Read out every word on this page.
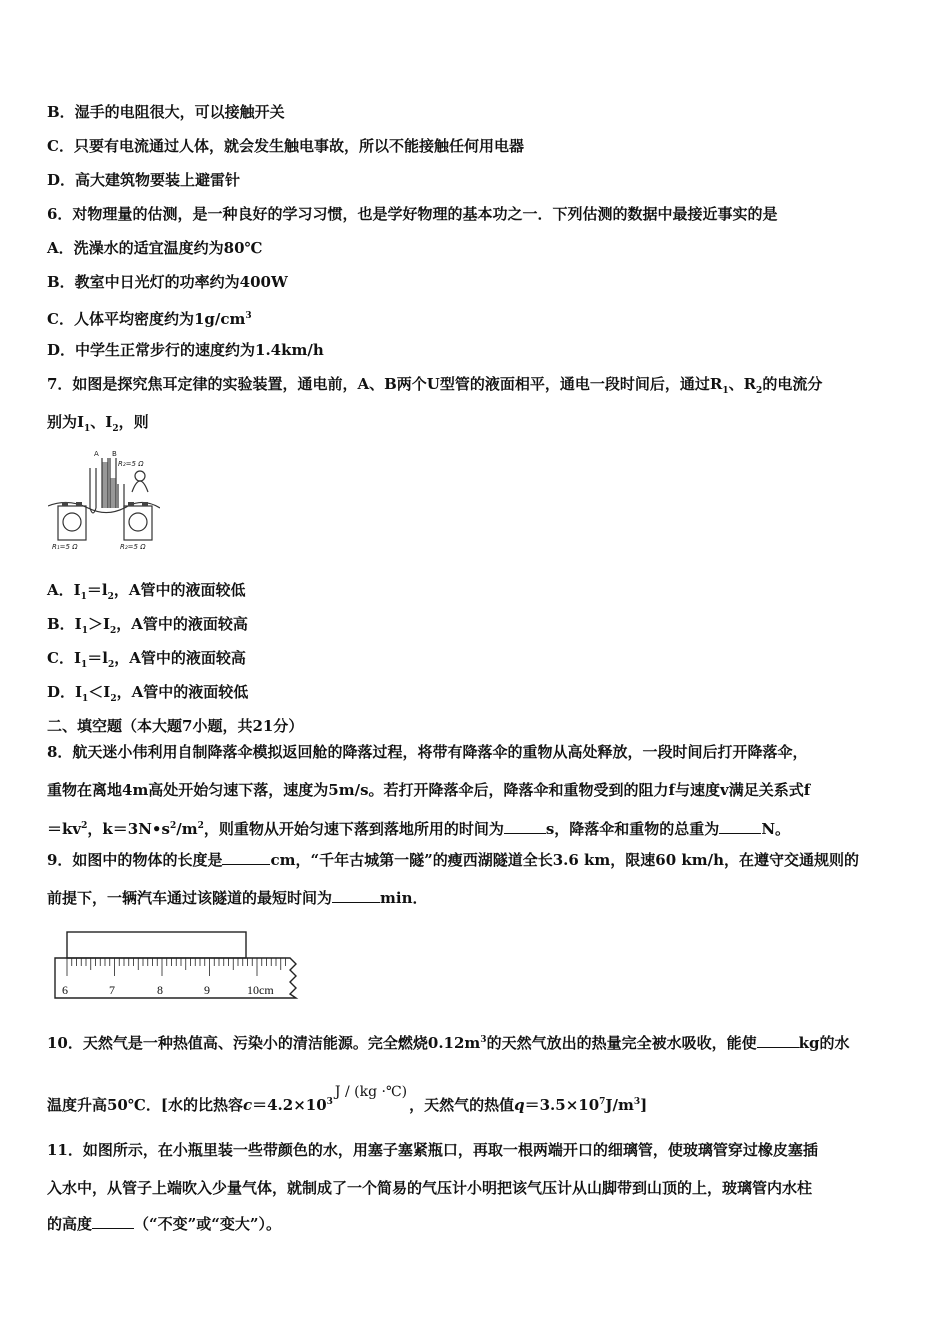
B．湿手的电阻很大，可以接触开关
C．只要有电流通过人体，就会发生触电事故，所以不能接触任何用电器
D．高大建筑物要装上避雷针
6．对物理量的估测，是一种良好的学习习惯，也是学好物理的基本功之一．下列估测的数据中最接近事实的是
A．洗澡水的适宜温度约为80℃
B．教室中日光灯的功率约为400W
C．人体平均密度约为$1g/cm^3$
D．中学生正常步行的速度约为1.4km/h
7．如图是探究焦耳定律的实验装置，通电前，A、B两个U型管的液面相平，通电一段时间后，通过$R_1$、$R_2$的电流分
别为$I_1$、$I_2$，则
A B
R₂=5 Ω
R₁=5 Ω	R₂=5 Ω
A．$I_1=l_2$，A管中的液面较低
B．$I_1>I_2$，A管中的液面较高
C．$I_1=l_2$，A管中的液面较高
D．$I_1<I_2$，A管中的液面较低
二、填空题（本大题7小题，共21分）
8．航天迷小伟利用自制降落伞模拟返回舱的降落过程，将带有降落伞的重物从高处释放，一段时间后打开降落伞，
重物在离地4m高处开始匀速下落，速度为5m/s。若打开降落伞后，降落伞和重物受到的阻力f与速度v满足关系式f
$=kv^2$，$k=3N•s^2/m^2$，则重物从开始匀速下落到落地所用的时间为	s，降落伞和重物的总重为	N。
9．如图中的物体的长度是	cm，“千年古城第一隧”的瘦西湖隧道全长3.6 km，限速60 km/h，在遵守交通规则的
前提下，一辆汽车通过该隧道的最短时间为	min．
6	7	8	9	10cm
10．天然气是一种热值高、污染小的清洁能源。完全燃烧$0.12m^3$的天然气放出的热量完全被水吸收，能使	kg的水
温度升高50℃．[水的比热容$c=4.2\times 10^3J / (kg$ ·℃)，天然气的热值$q=3.5\times 10^7J/m^3$]
11．如图所示，在小瓶里装一些带颜色的水，用塞子塞紧瓶口，再取一根两端开口的细璃管，使玻璃管穿过橡皮塞插
入水中，从管子上端吹入少量气体，就制成了一个简易的气压计小明把该气压计从山脚带到山顶的上，玻璃管内水柱
的高度	（“不变”或“变大”）。
